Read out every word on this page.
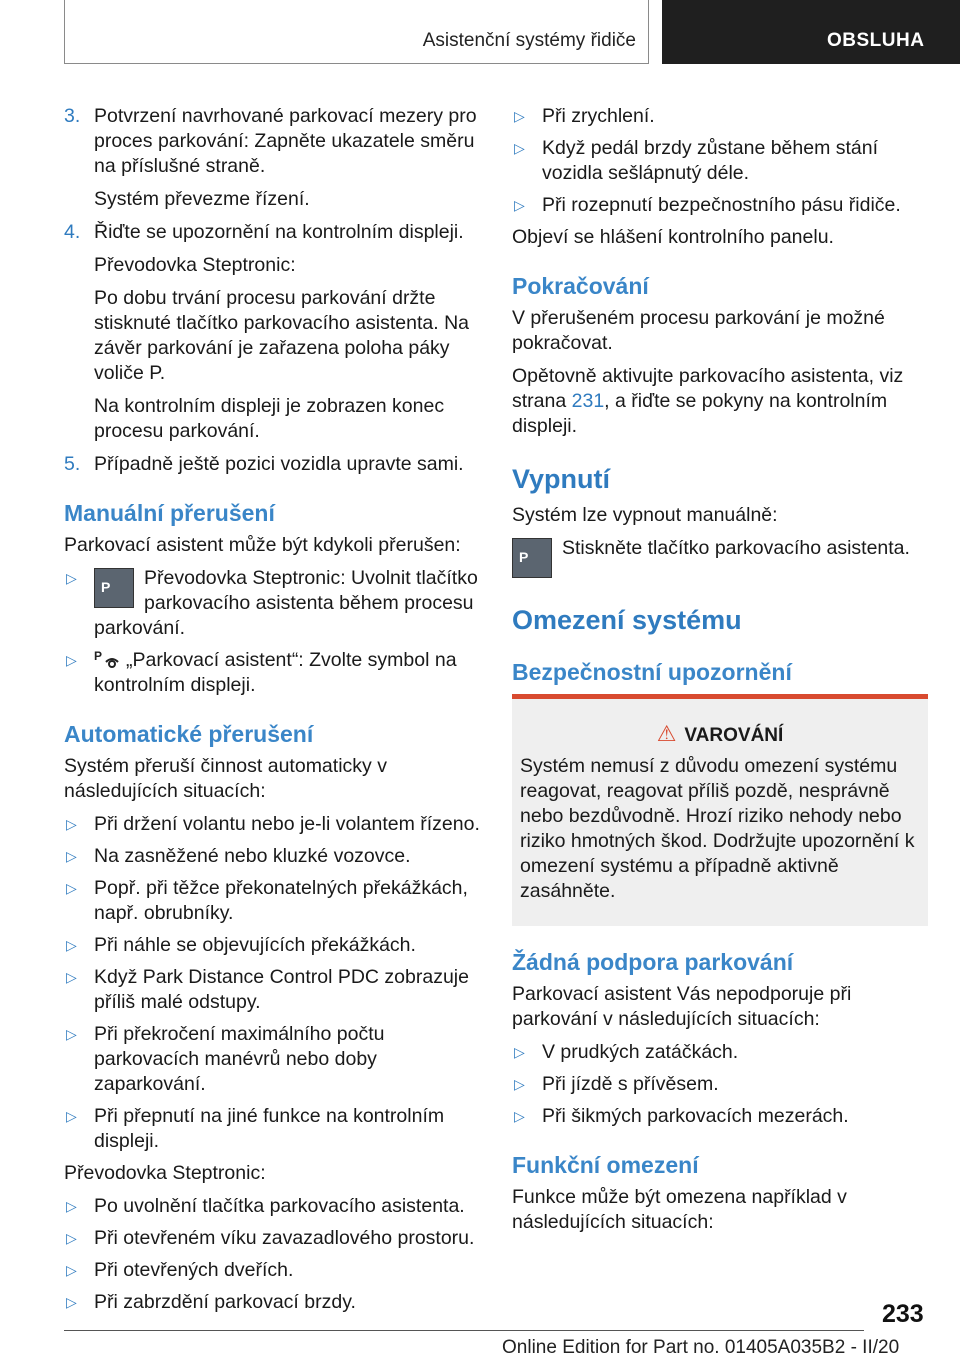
Asistenční systémy řidiče	OBSLUHA
3. Potvrzení navrhované parkovací mezery pro proces parkování: Zapněte ukazatele směru na příslušné straně.
Systém převezme řízení.
4. Řiďte se upozornění na kontrolním displeji.
Převodovka Steptronic:
Po dobu trvání procesu parkování držte stisknuté tlačítko parkovacího asistenta. Na závěr parkování je zařazena poloha páky voliče P.
Na kontrolním displeji je zobrazen konec procesu parkování.
5. Případně ještě pozici vozidla upravte sami.
Manuální přerušení
Parkovací asistent může být kdykoli přerušen:
▷
P Převodovka Steptronic: Uvolnit tlačítko parkovacího asistenta během procesu parkování.
▷ P „Parkovací asistent“: Zvolte symbol na kontrolním displeji.
Automatické přerušení
Systém přeruší činnost automaticky v následujících situacích:
▷ Při držení volantu nebo je-li volantem řízeno.
▷ Na zasněžené nebo kluzké vozovce.
▷ Popř. při těžce překonatelných překážkách, např. obrubníky.
▷ Při náhle se objevujících překážkách.
▷ Když Park Distance Control PDC zobrazuje příliš malé odstupy.
▷ Při překročení maximálního počtu parkovacích manévrů nebo doby zaparkování.
▷ Při přepnutí na jiné funkce na kontrolním displeji.
Převodovka Steptronic:
▷ Po uvolnění tlačítka parkovacího asistenta.
▷ Při otevřeném víku zavazadlového prostoru.
▷ Při otevřených dveřích.
▷ Při zabrzdění parkovací brzdy.
▷ Při zrychlení.
▷ Když pedál brzdy zůstane během stání vozidla sešlápnutý déle.
▷ Při rozepnutí bezpečnostního pásu řidiče.
Objeví se hlášení kontrolního panelu.
Pokračování
V přerušeném procesu parkování je možné pokračovat.
Opětovně aktivujte parkovacího asistenta, viz strana 231, a řiďte se pokyny na kontrolním displeji.
Vypnutí
Systém lze vypnout manuálně:
P Stiskněte tlačítko parkovacího asistenta.
Omezení systému
Bezpečnostní upozornění
⚠ VAROVÁNÍ
Systém nemusí z důvodu omezení systému reagovat, reagovat příliš pozdě, nesprávně nebo bezdůvodně. Hrozí riziko nehody nebo riziko hmotných škod. Dodržujte upozornění k omezení systému a případně aktivně zasáhněte.
Žádná podpora parkování
Parkovací asistent Vás nepodporuje při parkování v následujících situacích:
▷ V prudkých zatáčkách.
▷ Při jízdě s přívěsem.
▷ Při šikmých parkovacích mezerách.
Funkční omezení
Funkce může být omezena například v následujících situacích:
233
Online Edition for Part no. 01405A035B2 - II/20
